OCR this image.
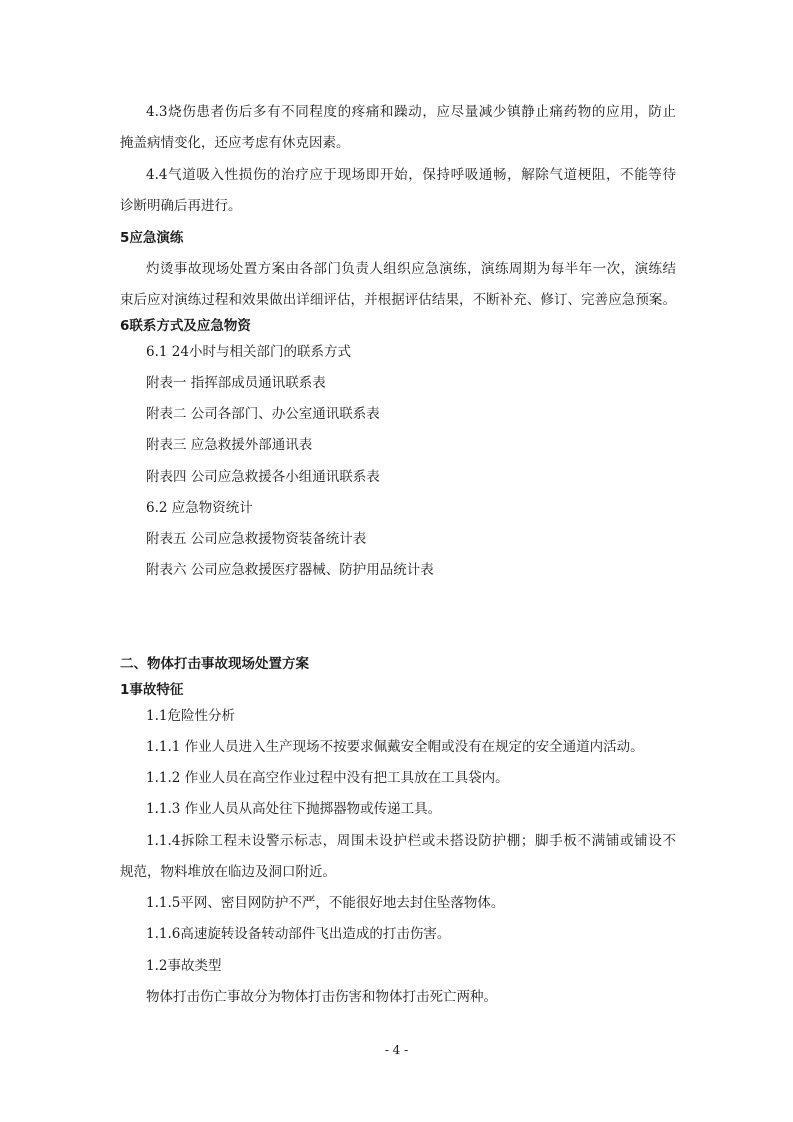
4.3烧伤患者伤后多有不同程度的疼痛和躁动，应尽量减少镇静止痛药物的应用，防止
掩盖病情变化，还应考虑有休克因素。
4.4气道吸入性损伤的治疗应于现场即开始，保持呼吸通畅，解除气道梗阻，不能等待
诊断明确后再进行。
5应急演练
灼烫事故现场处置方案由各部门负责人组织应急演练，演练周期为每半年一次，演练结
束后应对演练过程和效果做出详细评估，并根据评估结果，不断补充、修订、完善应急预案。
6联系方式及应急物资
6.1 24小时与相关部门的联系方式
附表一 指挥部成员通讯联系表
附表二 公司各部门、办公室通讯联系表
附表三 应急救援外部通讯表
附表四 公司应急救援各小组通讯联系表
6.2 应急物资统计
附表五 公司应急救援物资装备统计表
附表六 公司应急救援医疗器械、防护用品统计表
二、物体打击事故现场处置方案
1事故特征
1.1危险性分析
1.1.1 作业人员进入生产现场不按要求佩戴安全帽或没有在规定的安全通道内活动。
1.1.2 作业人员在高空作业过程中没有把工具放在工具袋内。
1.1.3 作业人员从高处往下抛掷器物或传递工具。
1.1.4拆除工程未设警示标志，周围未设护栏或未搭设防护棚；脚手板不满铺或铺设不
规范，物料堆放在临边及洞口附近。
1.1.5平网、密目网防护不严，不能很好地去封住坠落物体。
1.1.6高速旋转设备转动部件飞出造成的打击伤害。
1.2事故类型
物体打击伤亡事故分为物体打击伤害和物体打击死亡两种。
- 4 -
